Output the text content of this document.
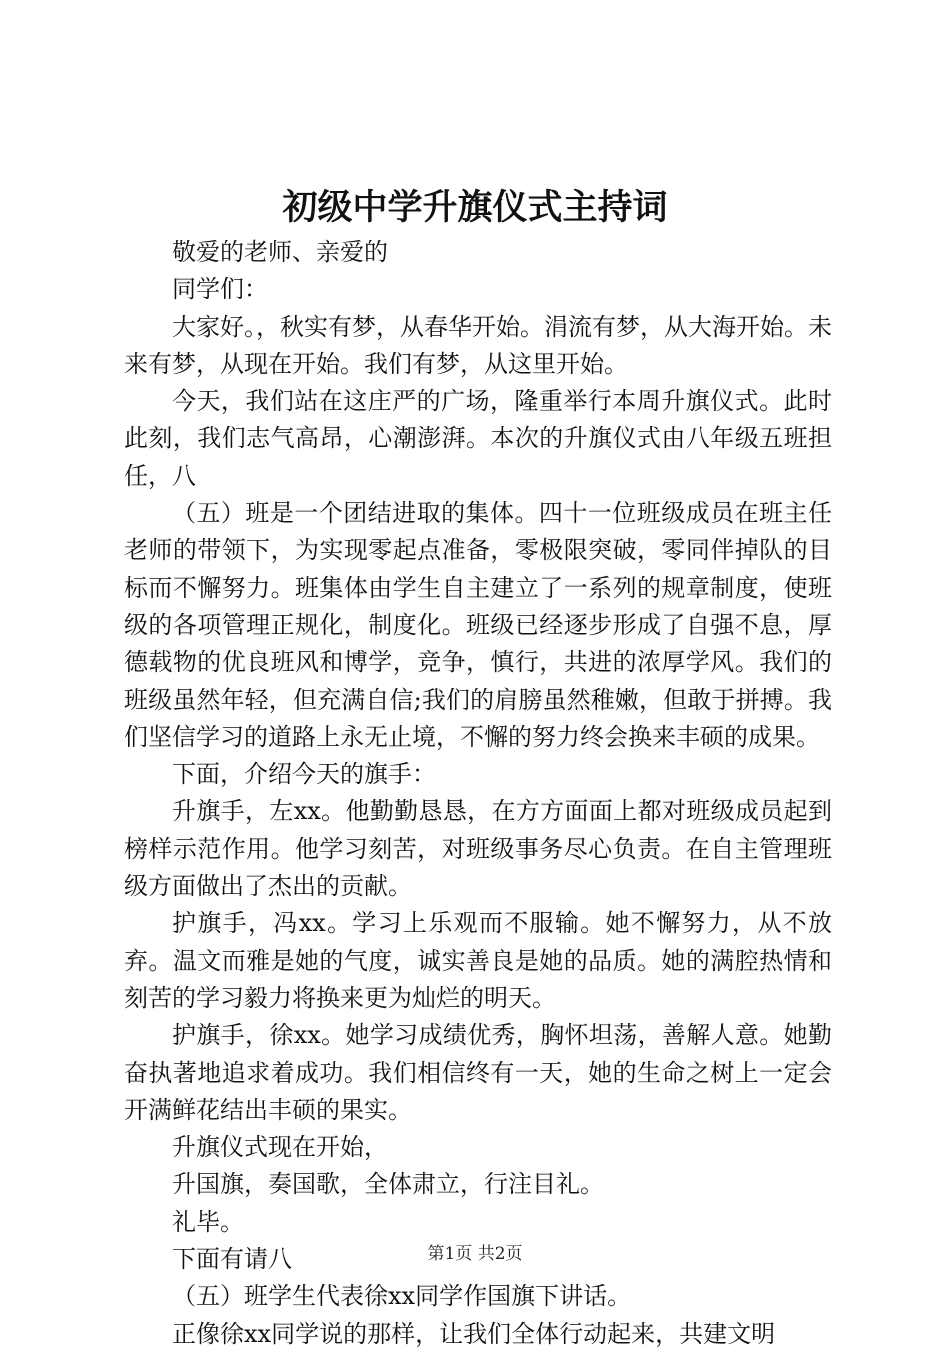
初级中学升旗仪式主持词

敬爱的老师、亲爱的

同学们：

大家好。，秋实有梦，从春华开始。涓流有梦，从大海开始。未来有梦，从现在开始。我们有梦，从这里开始。

今天，我们站在这庄严的广场，隆重举行本周升旗仪式。此时此刻，我们志气高昂，心潮澎湃。本次的升旗仪式由八年级五班担任，八

（五）班是一个团结进取的集体。四十一位班级成员在班主任老师的带领下，为实现零起点准备，零极限突破，零同伴掉队的目标而不懈努力。班集体由学生自主建立了一系列的规章制度，使班级的各项管理正规化，制度化。班级已经逐步形成了自强不息，厚德载物的优良班风和博学，竞争，慎行，共进的浓厚学风。我们的班级虽然年轻，但充满自信;我们的肩膀虽然稚嫩，但敢于拼搏。我们坚信学习的道路上永无止境，不懈的努力终会换来丰硕的成果。

下面，介绍今天的旗手：

升旗手，左xx。他勤勤恳恳，在方方面面上都对班级成员起到榜样示范作用。他学习刻苦，对班级事务尽心负责。在自主管理班级方面做出了杰出的贡献。

护旗手，冯xx。学习上乐观而不服输。她不懈努力，从不放弃。温文而雅是她的气度，诚实善良是她的品质。她的满腔热情和刻苦的学习毅力将换来更为灿烂的明天。

护旗手，徐xx。她学习成绩优秀，胸怀坦荡，善解人意。她勤奋执著地追求着成功。我们相信终有一天，她的生命之树上一定会开满鲜花结出丰硕的果实。

升旗仪式现在开始，

升国旗，奏国歌，全体肃立，行注目礼。

礼毕。

下面有请八

（五）班学生代表徐xx同学作国旗下讲话。

正像徐xx同学说的那样，让我们全体行动起来，共建文明

第1页 共2页
